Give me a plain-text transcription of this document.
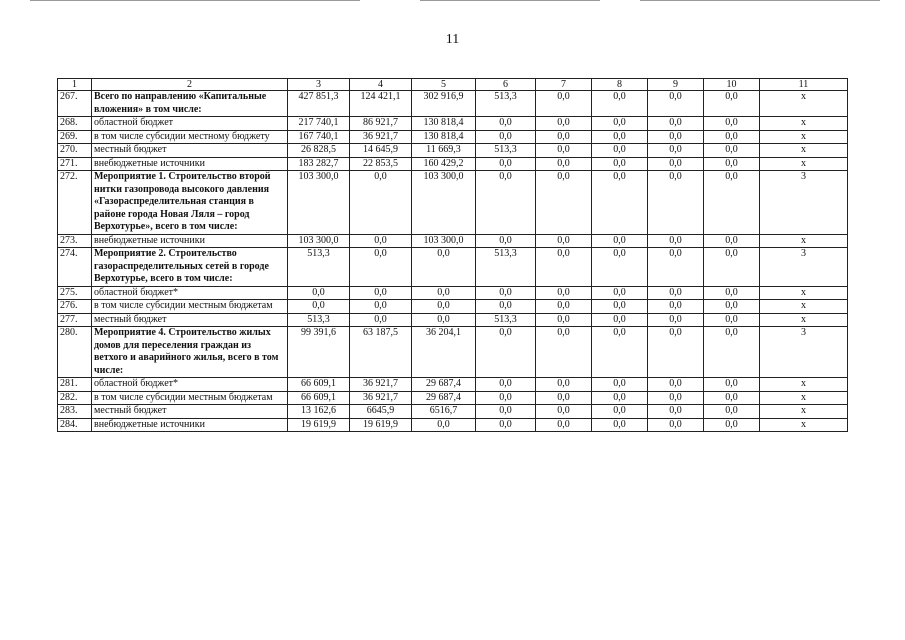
11
1	2	3	4	5	6	7	8	9	10	11
267.	Всего по направлению «Капитальные вложения» в том числе:	427 851,3	124 421,1	302 916,9	513,3	0,0	0,0	0,0	0,0	х
268.	областной бюджет	217 740,1	86 921,7	130 818,4	0,0	0,0	0,0	0,0	0,0	х
269.	в том числе субсидии местному бюджету	167 740,1	36 921,7	130 818,4	0,0	0,0	0,0	0,0	0,0	х
270.	местный бюджет	26 828,5	14 645,9	11 669,3	513,3	0,0	0,0	0,0	0,0	х
271.	внебюджетные источники	183 282,7	22 853,5	160 429,2	0,0	0,0	0,0	0,0	0,0	х
272.	Мероприятие 1. Строительство второй нитки газопровода высокого давления «Газораспределительная станция в районе города Новая Ляля – город Верхотурье», всего в том числе:	103 300,0	0,0	103 300,0	0,0	0,0	0,0	0,0	0,0	3
273.	внебюджетные источники	103 300,0	0,0	103 300,0	0,0	0,0	0,0	0,0	0,0	х
274.	Мероприятие 2. Строительство газораспределительных сетей в городе Верхотурье, всего в том числе:	513,3	0,0	0,0	513,3	0,0	0,0	0,0	0,0	3
275.	областной бюджет*	0,0	0,0	0,0	0,0	0,0	0,0	0,0	0,0	х
276.	в том числе субсидии местным бюджетам	0,0	0,0	0,0	0,0	0,0	0,0	0,0	0,0	х
277.	местный бюджет	513,3	0,0	0,0	513,3	0,0	0,0	0,0	0,0	х
280.	Мероприятие 4. Строительство жилых домов для переселения граждан из ветхого и аварийного жилья, всего в том числе:	99 391,6	63 187,5	36 204,1	0,0	0,0	0,0	0,0	0,0	3
281.	областной бюджет*	66 609,1	36 921,7	29 687,4	0,0	0,0	0,0	0,0	0,0	х
282.	в том числе субсидии местным бюджетам	66 609,1	36 921,7	29 687,4	0,0	0,0	0,0	0,0	0,0	х
283.	местный бюджет	13 162,6	6645,9	6516,7	0,0	0,0	0,0	0,0	0,0	х
284.	внебюджетные источники	19 619,9	19 619,9	0,0	0,0	0,0	0,0	0,0	0,0	х
